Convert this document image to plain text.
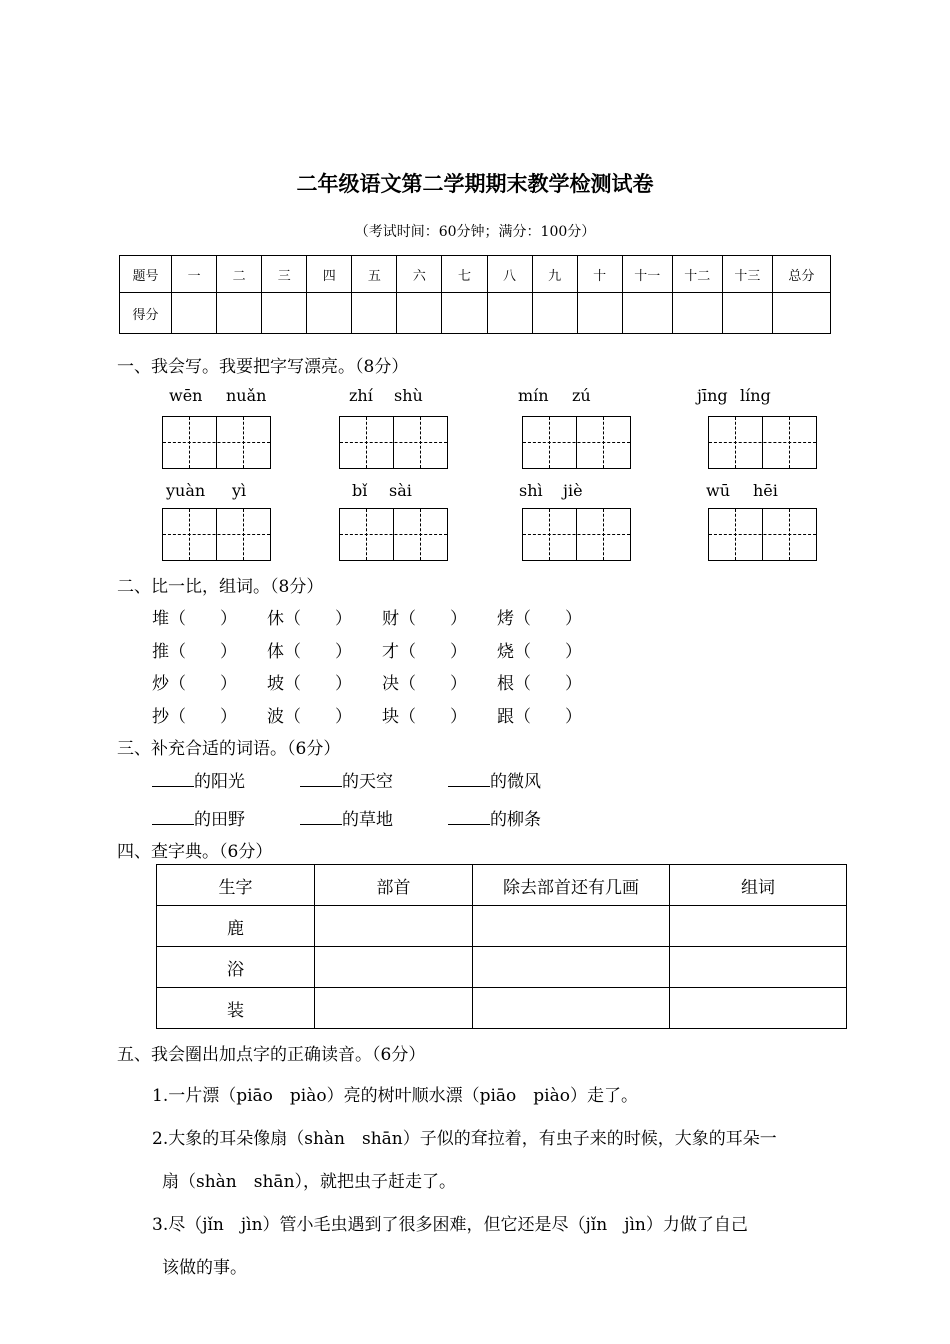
二年级语文第二学期期末教学检测试卷
（考试时间：60分钟；满分：100分）
题号	一	二	三	四	五	六	七	八	九	十	十一	十二	十三	总分
得分														
一、我会写。我要把字写漂亮。（8分）
wēn nuǎn	zhí shù	mín zú	jīng líng
yuàn yì	bǐ sài	shì jiè	wū hēi
二、比一比，组词。（8分）
堆（　　） 休（　　） 财（　　） 烤（　　）
推（　　） 体（　　） 才（　　） 烧（　　）
炒（　　） 坡（　　） 决（　　） 根（　　）
抄（　　） 波（　　） 块（　　） 跟（　　）
三、补充合适的词语。（6分）
的阳光	的天空	的微风
的田野	的草地	的柳条
四、查字典。（6分）
生字	部首	除去部首还有几画	组词
鹿			
浴			
装			
五、我会圈出加点字的正确读音。（6分）
1.一片漂（piāo　piào）亮的树叶顺水漂（piāo　piào）走了。
2.大象的耳朵像扇（shàn　shān）子似的耷拉着，有虫子来的时候，大象的耳朵一
扇（shàn　shān），就把虫子赶走了。
3.尽（jǐn　jìn）管小毛虫遇到了很多困难，但它还是尽（jǐn　jìn）力做了自己
该做的事。
